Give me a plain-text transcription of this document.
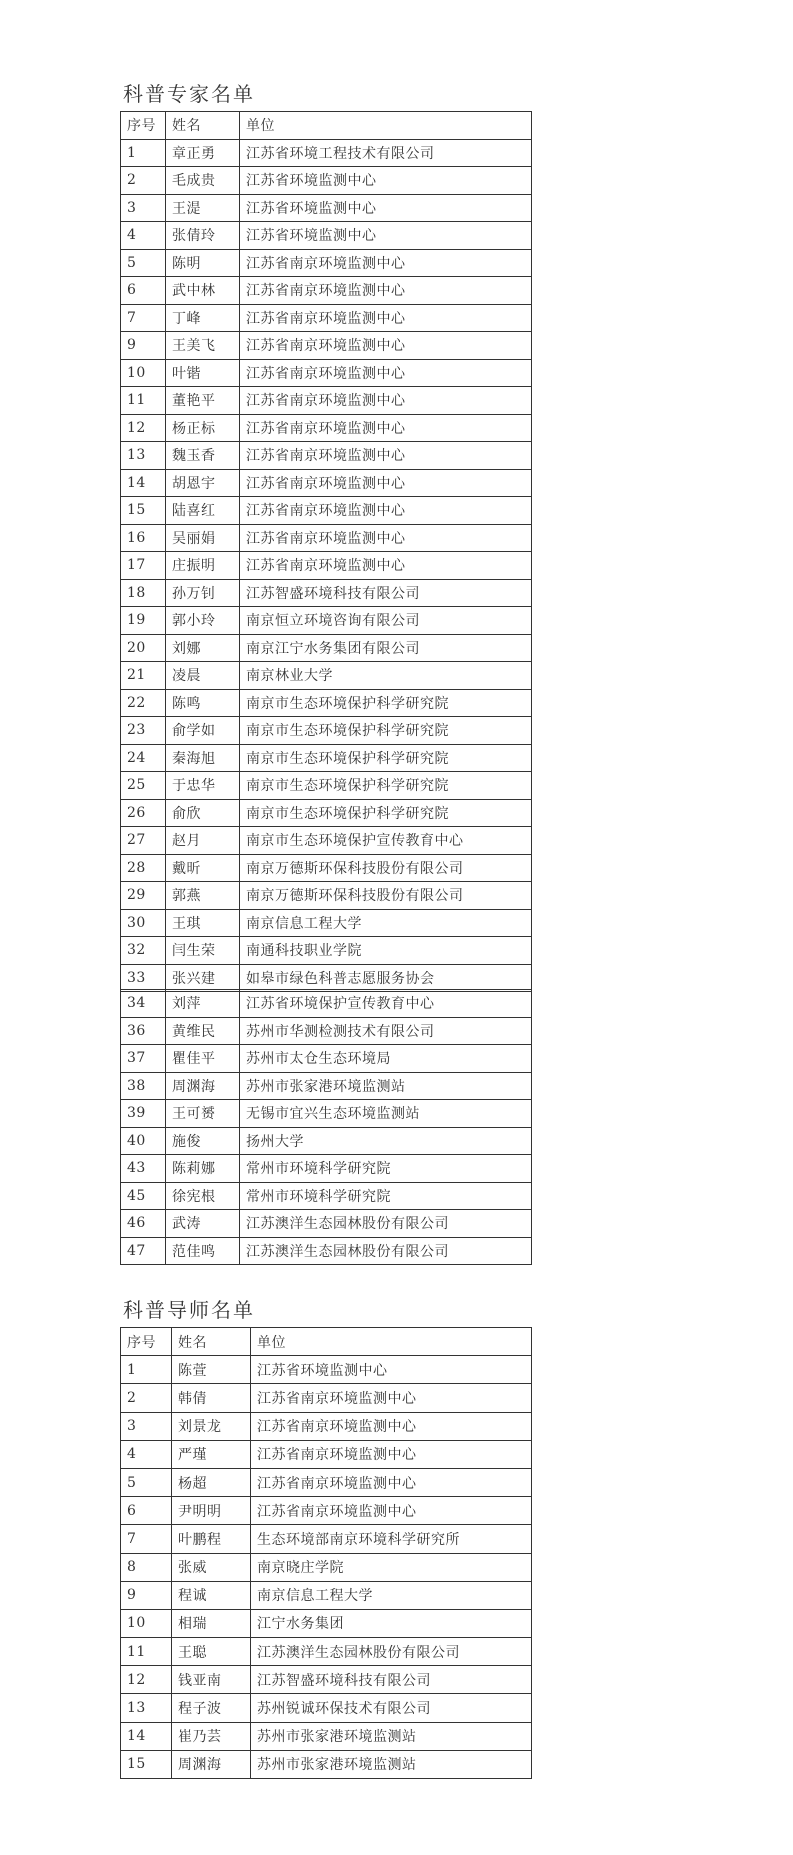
科普专家名单
序号	姓名	单位
1	章正勇	江苏省环境工程技术有限公司
2	毛成贵	江苏省环境监测中心
3	王湜	江苏省环境监测中心
4	张倩玲	江苏省环境监测中心
5	陈明	江苏省南京环境监测中心
6	武中林	江苏省南京环境监测中心
7	丁峰	江苏省南京环境监测中心
9	王美飞	江苏省南京环境监测中心
10	叶锴	江苏省南京环境监测中心
11	董艳平	江苏省南京环境监测中心
12	杨正标	江苏省南京环境监测中心
13	魏玉香	江苏省南京环境监测中心
14	胡恩宇	江苏省南京环境监测中心
15	陆喜红	江苏省南京环境监测中心
16	吴丽娟	江苏省南京环境监测中心
17	庄振明	江苏省南京环境监测中心
18	孙万钊	江苏智盛环境科技有限公司
19	郭小玲	南京恒立环境咨询有限公司
20	刘娜	南京江宁水务集团有限公司
21	凌晨	南京林业大学
22	陈鸣	南京市生态环境保护科学研究院
23	俞学如	南京市生态环境保护科学研究院
24	秦海旭	南京市生态环境保护科学研究院
25	于忠华	南京市生态环境保护科学研究院
26	俞欣	南京市生态环境保护科学研究院
27	赵月	南京市生态环境保护宣传教育中心
28	戴昕	南京万德斯环保科技股份有限公司
29	郭燕	南京万德斯环保科技股份有限公司
30	王琪	南京信息工程大学
32	闫生荣	南通科技职业学院
33	张兴建	如皋市绿色科普志愿服务协会
34	刘萍	江苏省环境保护宣传教育中心
36	黄维民	苏州市华测检测技术有限公司
37	瞿佳平	苏州市太仓生态环境局
38	周渊海	苏州市张家港环境监测站
39	王可赟	无锡市宜兴生态环境监测站
40	施俊	扬州大学
43	陈莉娜	常州市环境科学研究院
45	徐宪根	常州市环境科学研究院
46	武涛	江苏澳洋生态园林股份有限公司
47	范佳鸣	江苏澳洋生态园林股份有限公司
科普导师名单
序号	姓名	单位
1	陈萱	江苏省环境监测中心
2	韩倩	江苏省南京环境监测中心
3	刘景龙	江苏省南京环境监测中心
4	严瑾	江苏省南京环境监测中心
5	杨超	江苏省南京环境监测中心
6	尹明明	江苏省南京环境监测中心
7	叶鹏程	生态环境部南京环境科学研究所
8	张威	南京晓庄学院
9	程诚	南京信息工程大学
10	相瑞	江宁水务集团
11	王聪	江苏澳洋生态园林股份有限公司
12	钱亚南	江苏智盛环境科技有限公司
13	程子波	苏州锐诚环保技术有限公司
14	崔乃芸	苏州市张家港环境监测站
15	周渊海	苏州市张家港环境监测站
